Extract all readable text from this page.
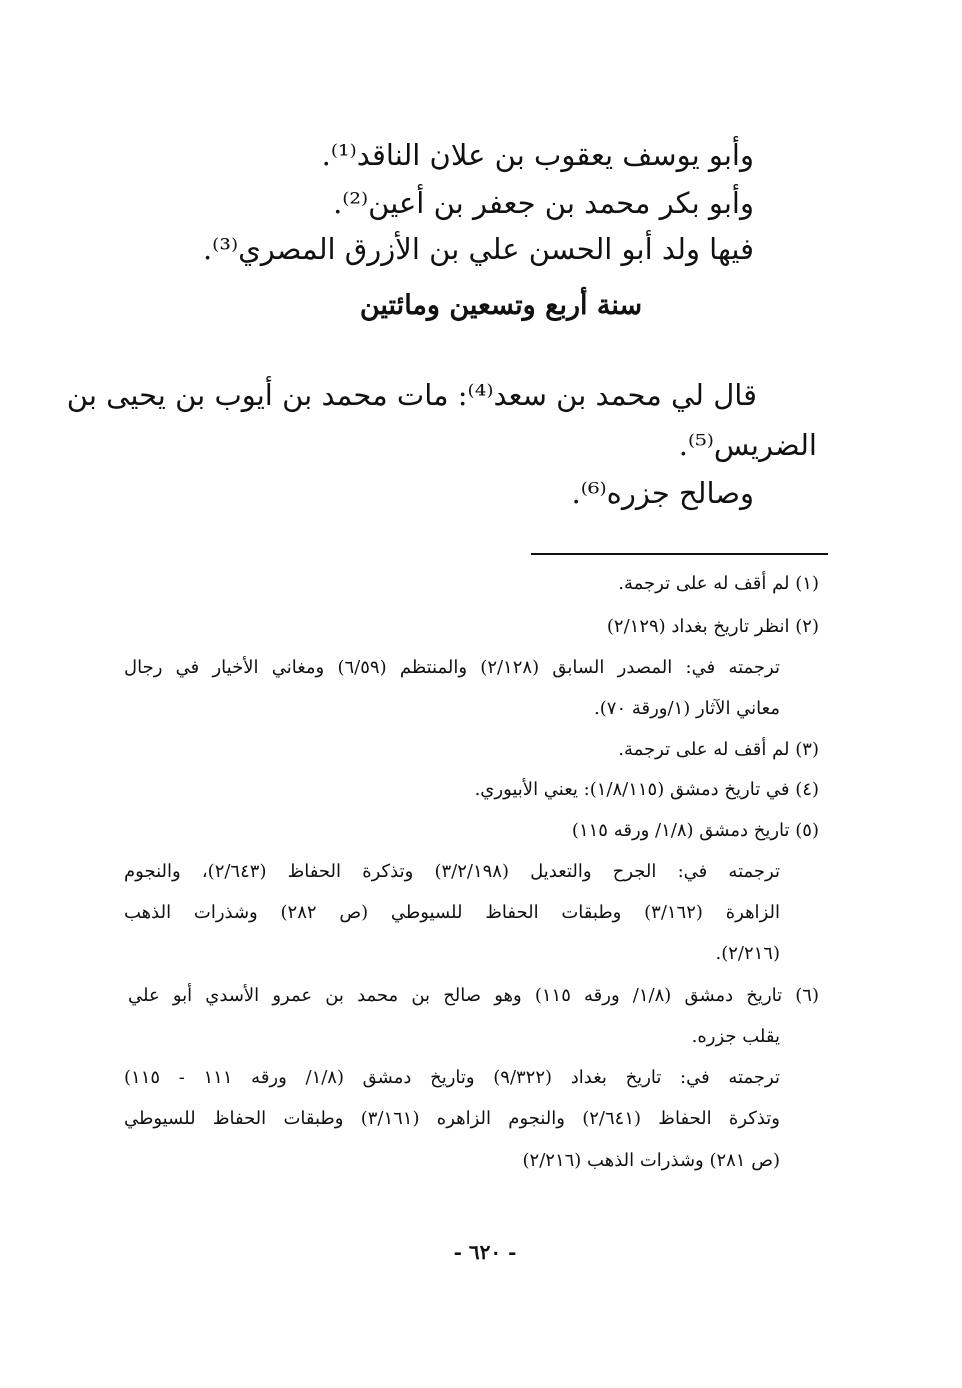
وأبو يوسف يعقوب بن علان الناقد⁽¹⁾.
وأبو بكر محمد بن جعفر بن أعين⁽²⁾.
فيها ولد أبو الحسن علي بن الأزرق المصري⁽³⁾.
سنة أربع وتسعين ومائتين
قال لي محمد بن سعد⁽⁴⁾: مات محمد بن أيوب بن يحيى بن
الضريس⁽⁵⁾.
وصالح جزره⁽⁶⁾.
(١) لم أقف له على ترجمة.
(٢) انظر تاريخ بغداد (٢/١٢٩)
ترجمته في: المصدر السابق (٢/١٢٨) والمنتظم (٦/٥٩) ومغاني الأخيار في رجال
معاني الآثار (١/ورقة ٧٠).
(٣) لم أقف له على ترجمة.
(٤) في تاريخ دمشق (١/٨/١١٥): يعني الأبيوري.
(٥) تاريخ دمشق (١/٨/ ورقه ١١٥)
ترجمته في: الجرح والتعديل (٣/٢/١٩٨) وتذكرة الحفاظ (٢/٦٤٣)، والنجوم
الزاهرة (٣/١٦٢) وطبقات الحفاظ للسيوطي (ص ٢٨٢) وشذرات الذهب
(٢/٢١٦).
(٦) تاريخ دمشق (١/٨/ ورقه ١١٥) وهو صالح بن محمد بن عمرو الأسدي أبو علي
يقلب جزره.
ترجمته في: تاريخ بغداد (٩/٣٢٢) وتاريخ دمشق (١/٨/ ورقه ١١١ - ١١٥)
وتذكرة الحفاظ (٢/٦٤١) والنجوم الزاهره (٣/١٦١) وطبقات الحفاظ للسيوطي
(ص ٢٨١) وشذرات الذهب (٢/٢١٦)
- ٦٢٠ -
